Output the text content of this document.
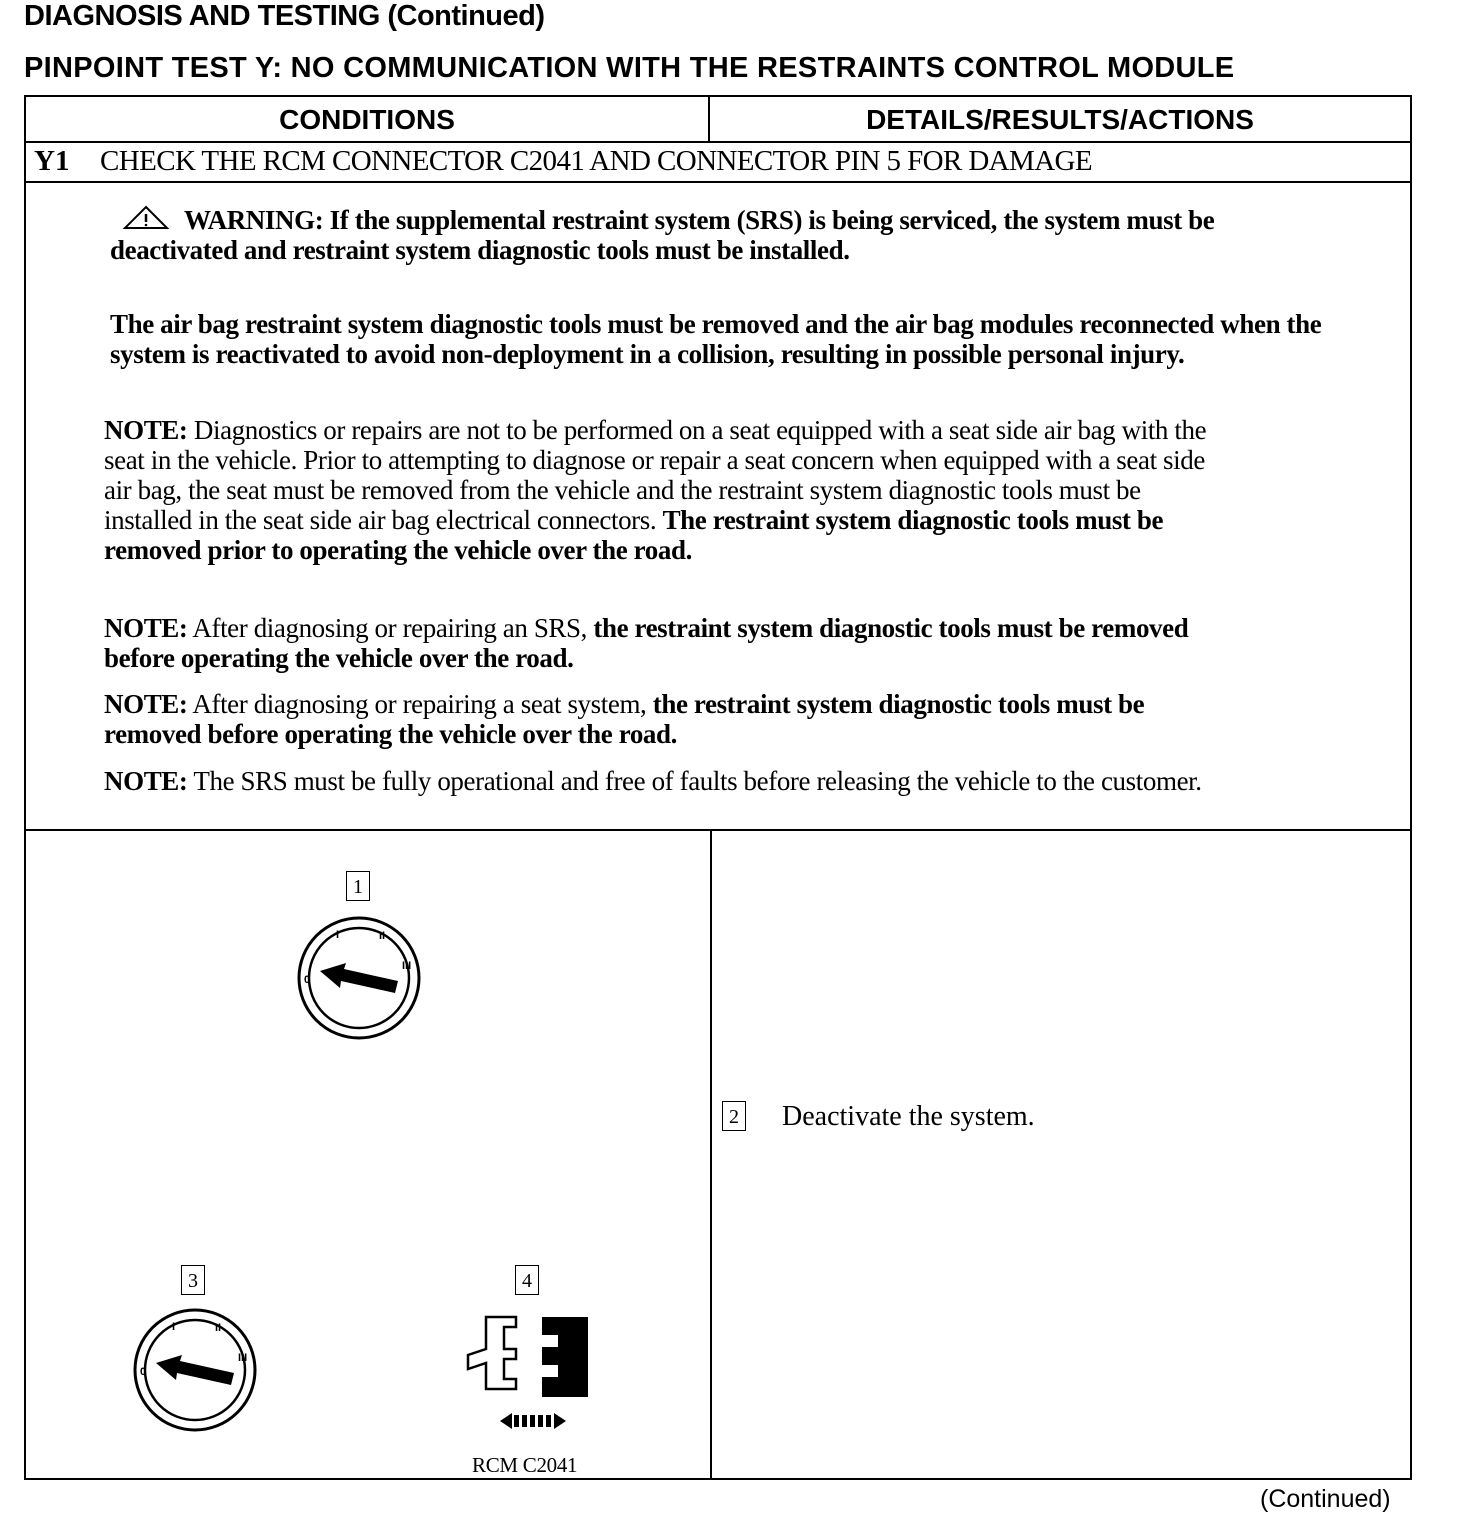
DIAGNOSIS AND TESTING (Continued)
PINPOINT TEST Y: NO COMMUNICATION WITH THE RESTRAINTS CONTROL MODULE
CONDITIONS	DETAILS/RESULTS/ACTIONS
Y1 CHECK THE RCM CONNECTOR C2041 AND CONNECTOR PIN 5 FOR DAMAGE
WARNING: If the supplemental restraint system (SRS) is being serviced, the system must be deactivated and restraint system diagnostic tools must be installed.
The air bag restraint system diagnostic tools must be removed and the air bag modules reconnected when the system is reactivated to avoid non-deployment in a collision, resulting in possible personal injury.
NOTE: Diagnostics or repairs are not to be performed on a seat equipped with a seat side air bag with the seat in the vehicle. Prior to attempting to diagnose or repair a seat concern when equipped with a seat side air bag, the seat must be removed from the vehicle and the restraint system diagnostic tools must be installed in the seat side air bag electrical connectors. The restraint system diagnostic tools must be removed prior to operating the vehicle over the road.
NOTE: After diagnosing or repairing an SRS, the restraint system diagnostic tools must be removed before operating the vehicle over the road.
NOTE: After diagnosing or repairing a seat system, the restraint system diagnostic tools must be removed before operating the vehicle over the road.
NOTE: The SRS must be fully operational and free of faults before releasing the vehicle to the customer.
1
0
I	II
III
3
0
I	II
III
4
RCM C2041
2 Deactivate the system.
(Continued)
